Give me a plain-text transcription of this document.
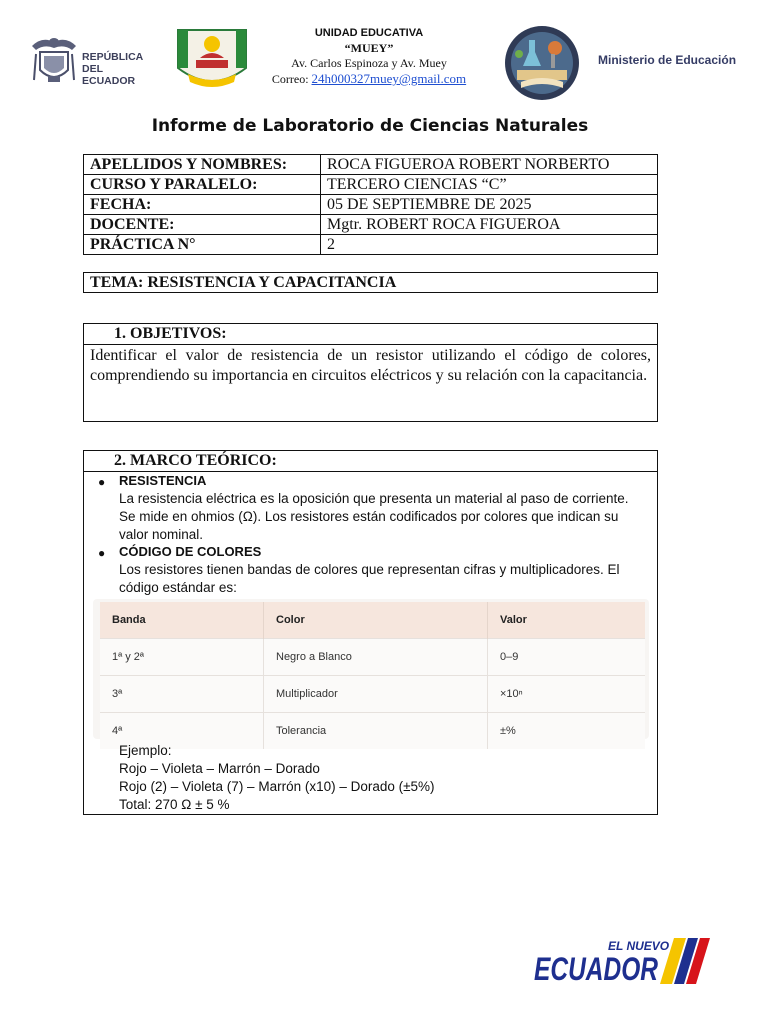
REPÚBLICA
DEL ECUADOR
UNIDAD EDUCATIVA
“MUEY”
Av. Carlos Espinoza y Av. Muey
Correo: 24h000327muey@gmail.com
Ministerio de Educación
Informe de Laboratorio de Ciencias Naturales
APELLIDOS Y NOMBRES:	ROCA FIGUEROA ROBERT NORBERTO
CURSO Y PARALELO:	TERCERO CIENCIAS “C”
FECHA:	05 DE SEPTIEMBRE DE 2025
DOCENTE:	Mgtr. ROBERT ROCA FIGUEROA
PRÁCTICA N°	2
TEMA: RESISTENCIA Y CAPACITANCIA
1. OBJETIVOS:
Identificar el valor de resistencia de un resistor utilizando el código de colores, comprendiendo su importancia en circuitos eléctricos y su relación con la capacitancia.
2. MARCO TEÓRICO:
● RESISTENCIA
La resistencia eléctrica es la oposición que presenta un material al paso de corriente. Se mide en ohmios (Ω). Los resistores están codificados por colores que indican su valor nominal.
● CÓDIGO DE COLORES
Los resistores tienen bandas de colores que representan cifras y multiplicadores. El código estándar es:
Banda	Color	Valor
1ª y 2ª	Negro a Blanco	0–9
3ª	Multiplicador	×10ⁿ
4ª	Tolerancia	±%
Ejemplo:
Rojo – Violeta – Marrón – Dorado
Rojo (2) – Violeta (7) – Marrón (x10) – Dorado (±5%)
Total: 270 Ω ± 5 %
EL NUEVO
ECUADOR
